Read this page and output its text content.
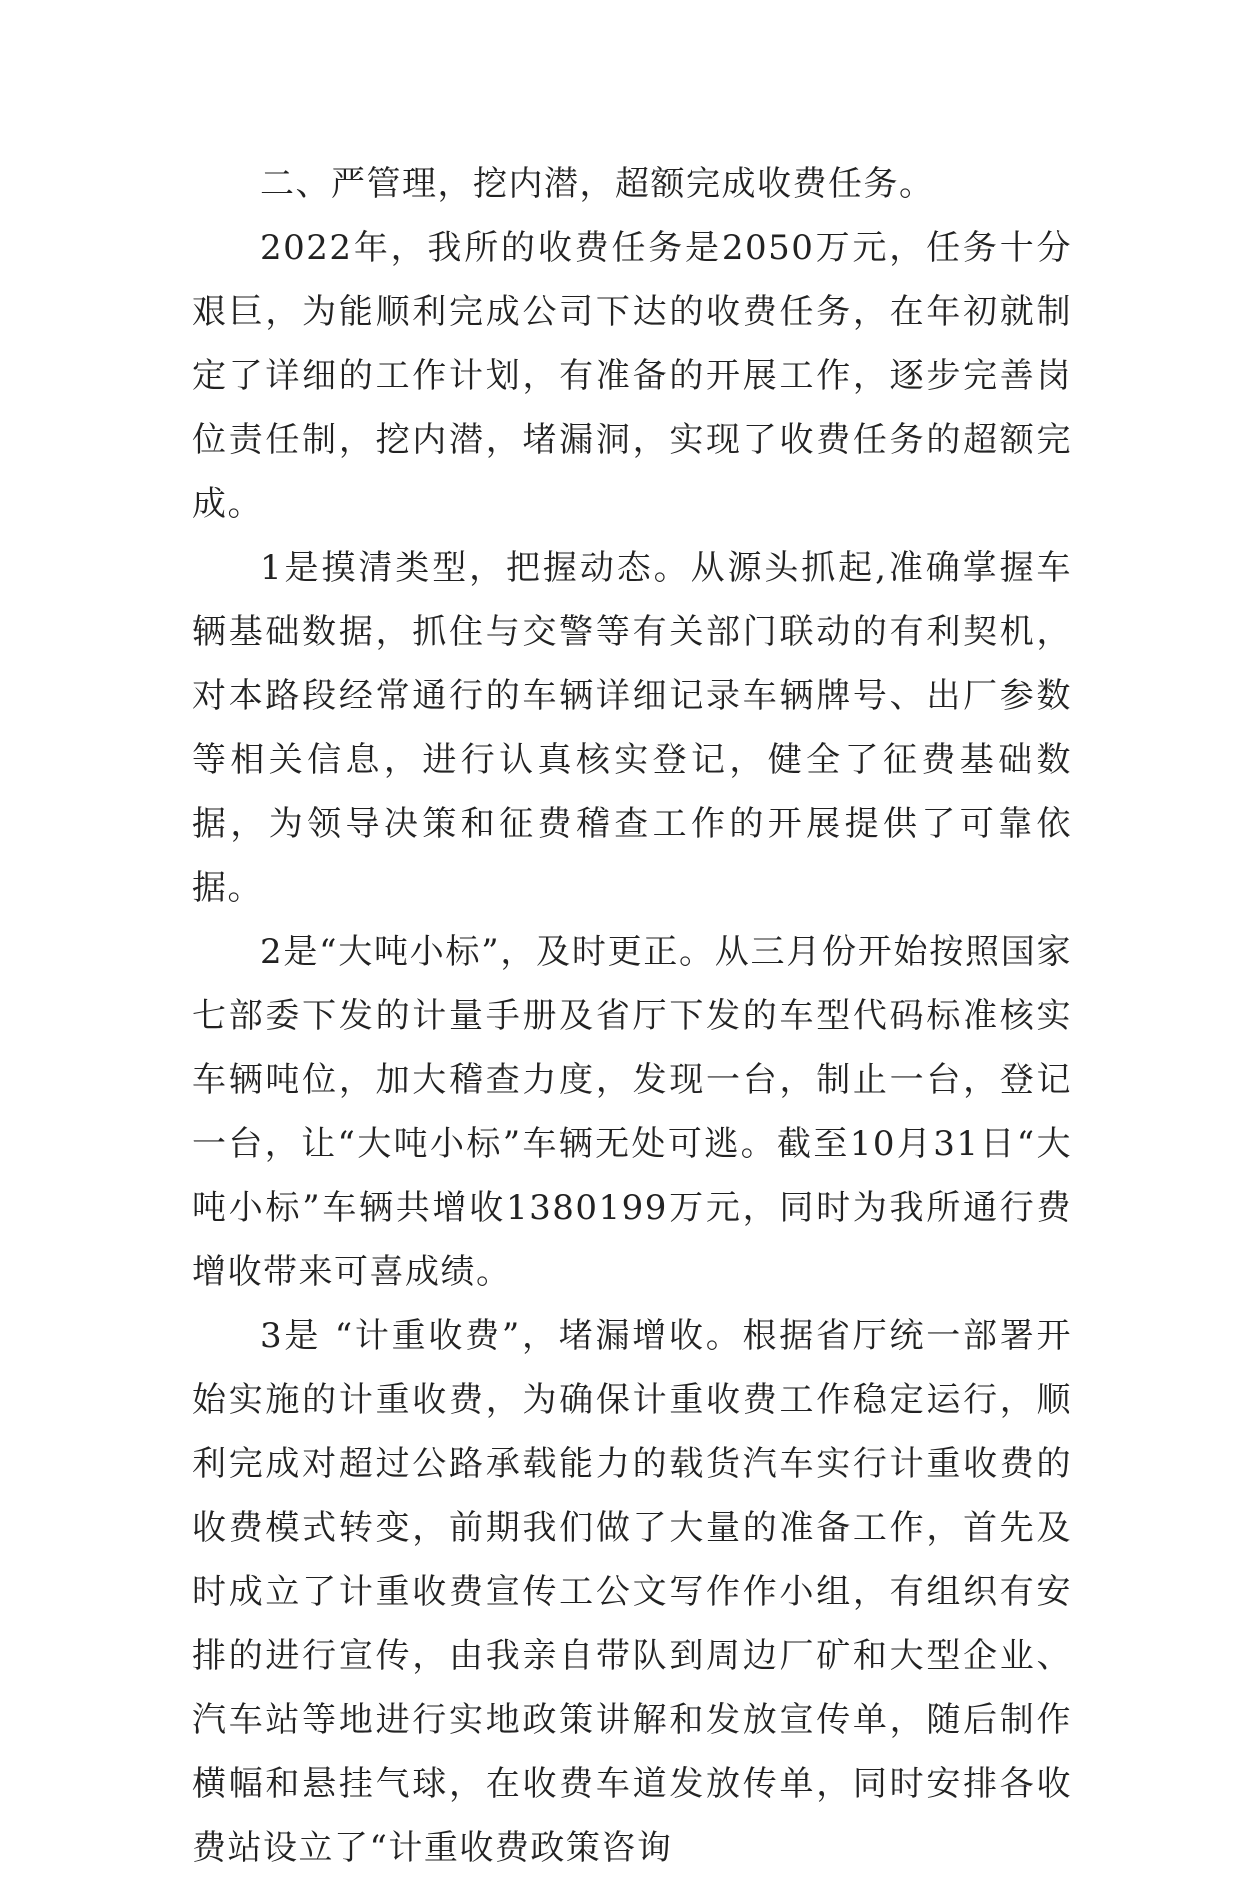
二、严管理，挖内潜，超额完成收费任务。

2022年，我所的收费任务是2050万元，任务十分艰巨，为能顺利完成公司下达的收费任务，在年初就制定了详细的工作计划，有准备的开展工作，逐步完善岗位责任制，挖内潜，堵漏洞，实现了收费任务的超额完成。

1是摸清类型，把握动态。从源头抓起,准确掌握车辆基础数据，抓住与交警等有关部门联动的有利契机，对本路段经常通行的车辆详细记录车辆牌号、出厂参数等相关信息，进行认真核实登记，健全了征费基础数据，为领导决策和征费稽查工作的开展提供了可靠依据。

2是“大吨小标”，及时更正。从三月份开始按照国家七部委下发的计量手册及省厅下发的车型代码标准核实车辆吨位，加大稽查力度，发现一台，制止一台，登记一台，让“大吨小标”车辆无处可逃。截至10月31日“大吨小标”车辆共增收1380199万元，同时为我所通行费增收带来可喜成绩。

3是 “计重收费”，堵漏增收。根据省厅统一部署开始实施的计重收费，为确保计重收费工作稳定运行，顺利完成对超过公路承载能力的载货汽车实行计重收费的收费模式转变，前期我们做了大量的准备工作，首先及时成立了计重收费宣传工公文写作作小组，有组织有安排的进行宣传，由我亲自带队到周边厂矿和大型企业、汽车站等地进行实地政策讲解和发放宣传单，随后制作横幅和悬挂气球，在收费车道发放传单，同时安排各收费站设立了“计重收费政策咨询
